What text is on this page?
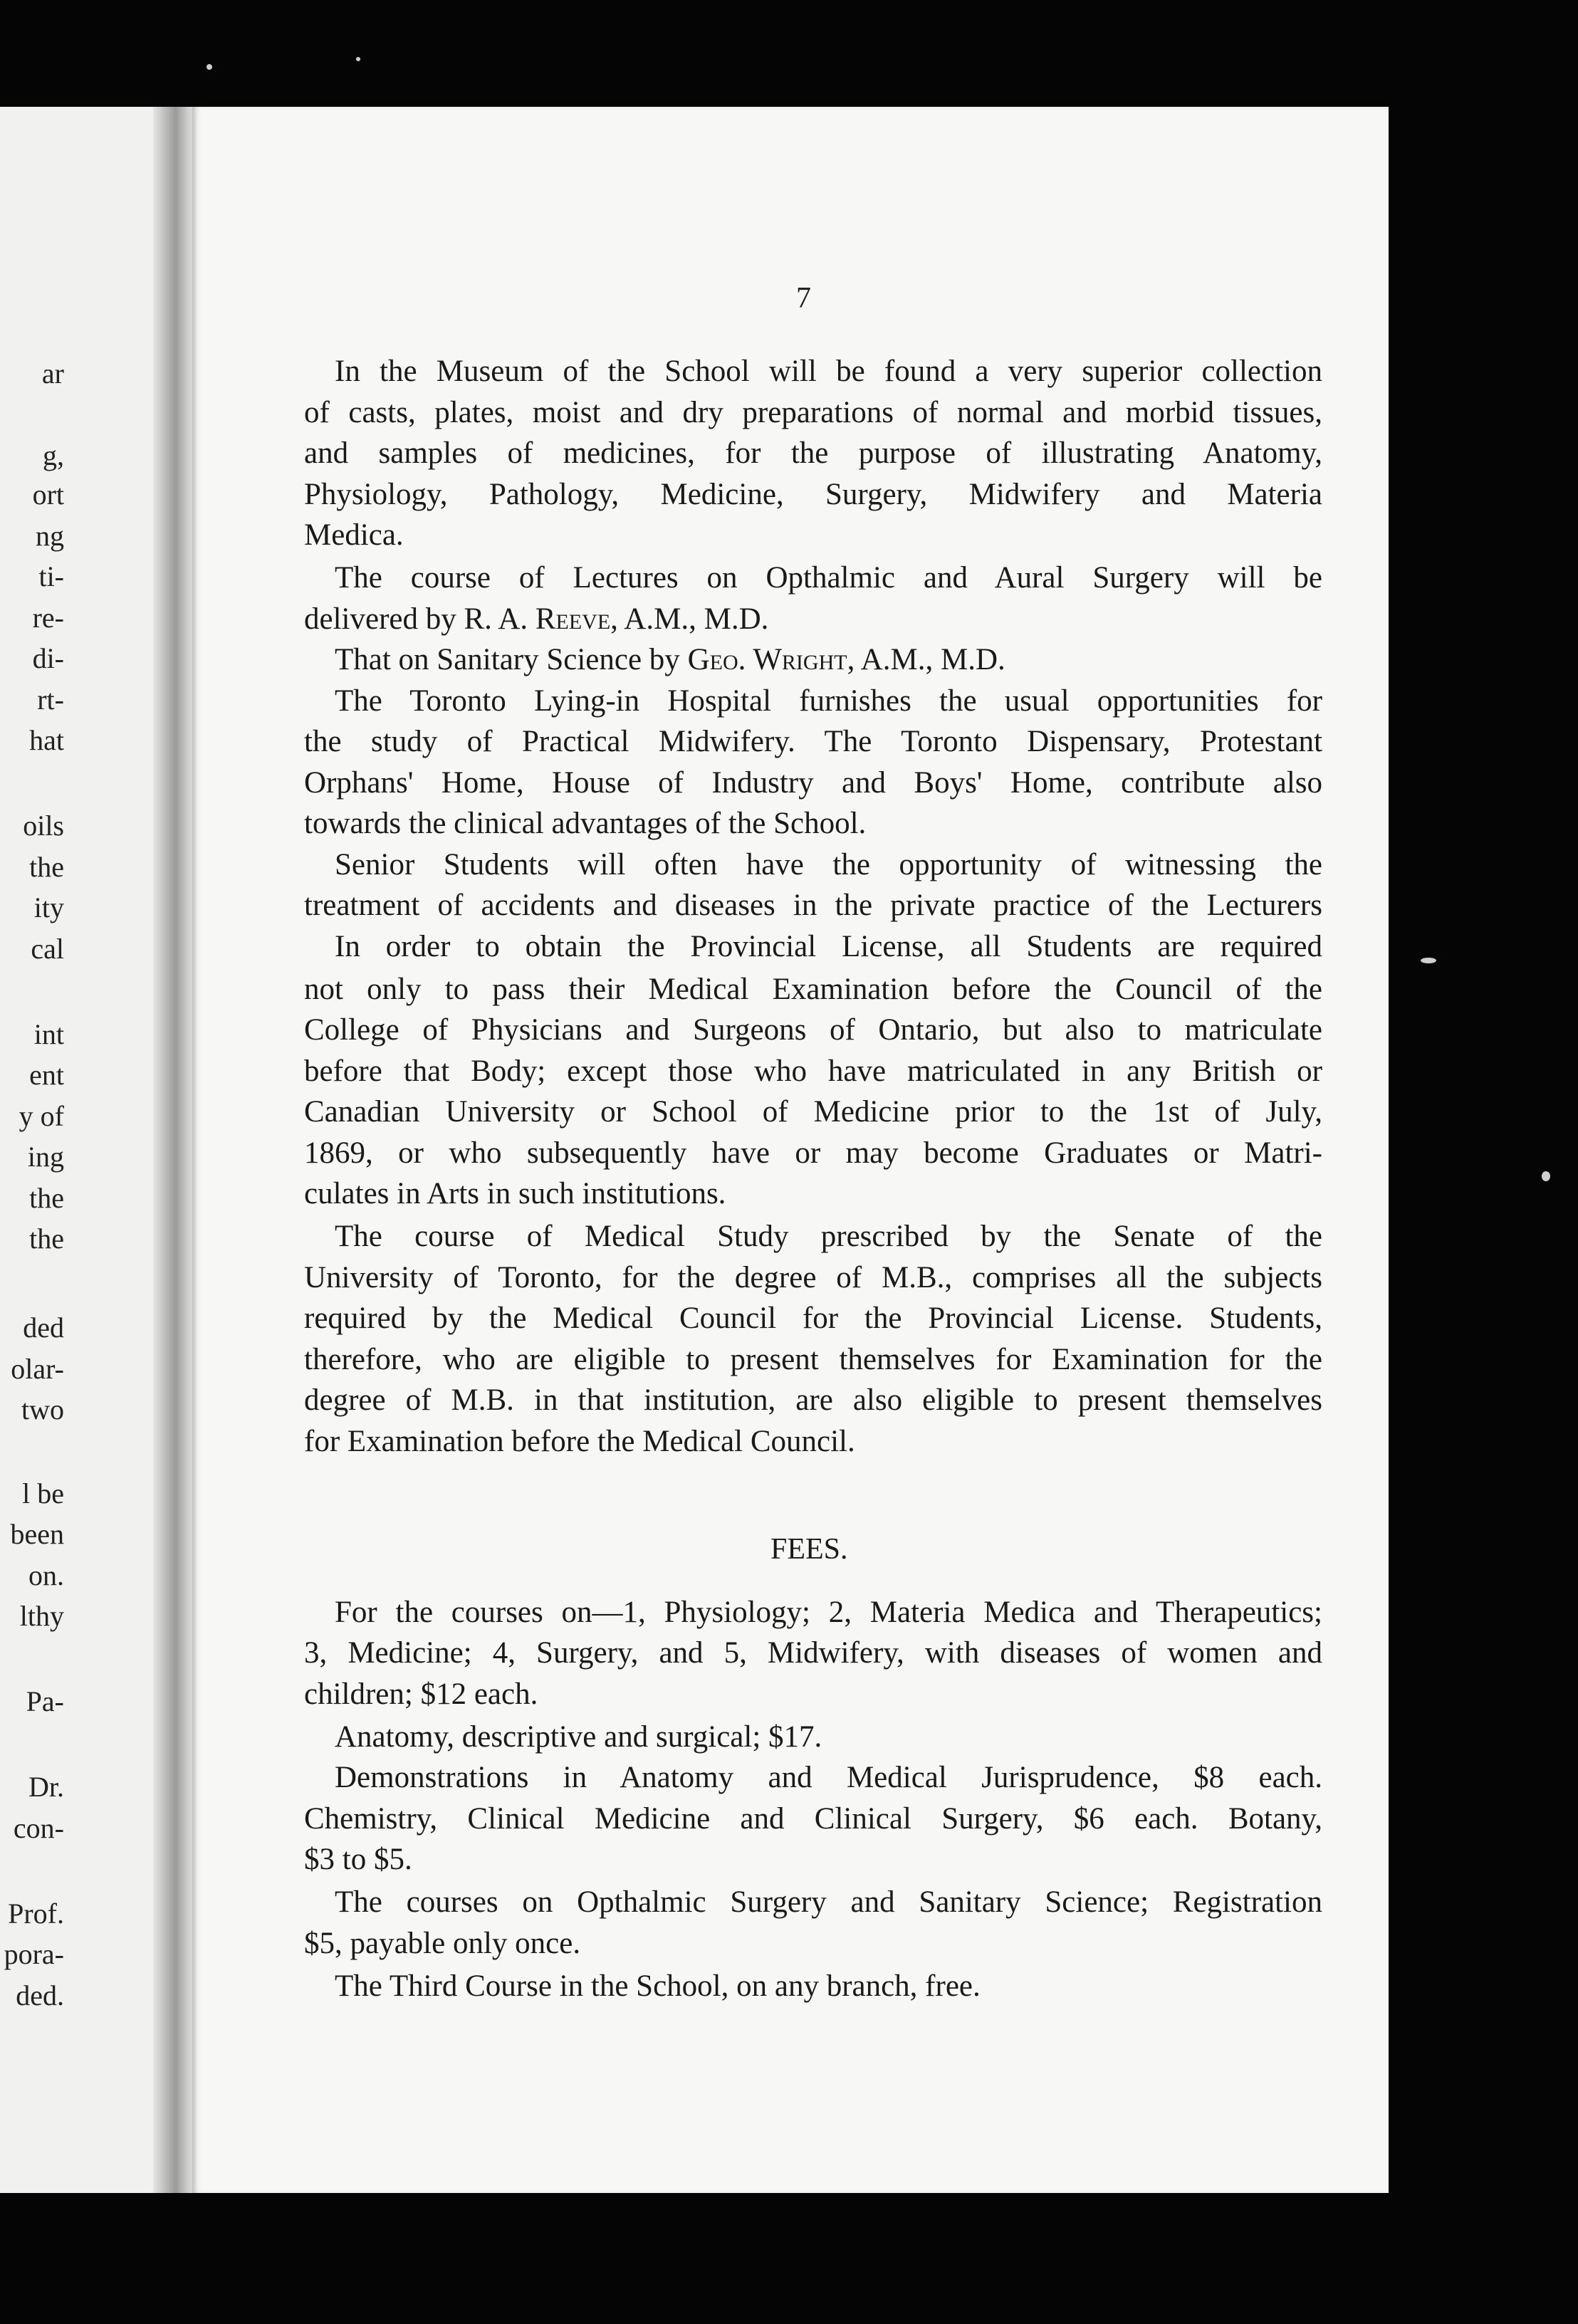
ar
g,
ort
ng
ti-
re-
di-
rt-
hat
oils
the
ity
cal
int
ent
y of
ing
the
the
ded
olar-
two
l be
been
on.
lthy
Pa-
Dr.
con-
Prof.
pora-
ded.
7
In the Museum of the School will be found a very superior collection
of casts, plates, moist and dry preparations of normal and morbid tissues,
and samples of medicines, for the purpose of illustrating Anatomy,
Physiology, Pathology, Medicine, Surgery, Midwifery and Materia
Medica.
The course of Lectures on Opthalmic and Aural Surgery will be
delivered by R. A. Reeve, A.M., M.D.
That on Sanitary Science by Geo. Wright, A.M., M.D.
The Toronto Lying-in Hospital furnishes the usual opportunities for
the study of Practical Midwifery. The Toronto Dispensary, Protestant
Orphans' Home, House of Industry and Boys' Home, contribute also
towards the clinical advantages of the School.
Senior Students will often have the opportunity of witnessing the
treatment of accidents and diseases in the private practice of the Lecturers
In order to obtain the Provincial License, all Students are required
not only to pass their Medical Examination before the Council of the
College of Physicians and Surgeons of Ontario, but also to matriculate
before that Body; except those who have matriculated in any British or
Canadian University or School of Medicine prior to the 1st of July,
1869, or who subsequently have or may become Graduates or Matri-
culates in Arts in such institutions.
The course of Medical Study prescribed by the Senate of the
University of Toronto, for the degree of M.B., comprises all the subjects
required by the Medical Council for the Provincial License. Students,
therefore, who are eligible to present themselves for Examination for the
degree of M.B. in that institution, are also eligible to present themselves
for Examination before the Medical Council.
FEES.
For the courses on—1, Physiology; 2, Materia Medica and Therapeutics;
3, Medicine; 4, Surgery, and 5, Midwifery, with diseases of women and
children; $12 each.
Anatomy, descriptive and surgical; $17.
Demonstrations in Anatomy and Medical Jurisprudence, $8 each.
Chemistry, Clinical Medicine and Clinical Surgery, $6 each. Botany,
$3 to $5.
The courses on Opthalmic Surgery and Sanitary Science; Registration
$5, payable only once.
The Third Course in the School, on any branch, free.
